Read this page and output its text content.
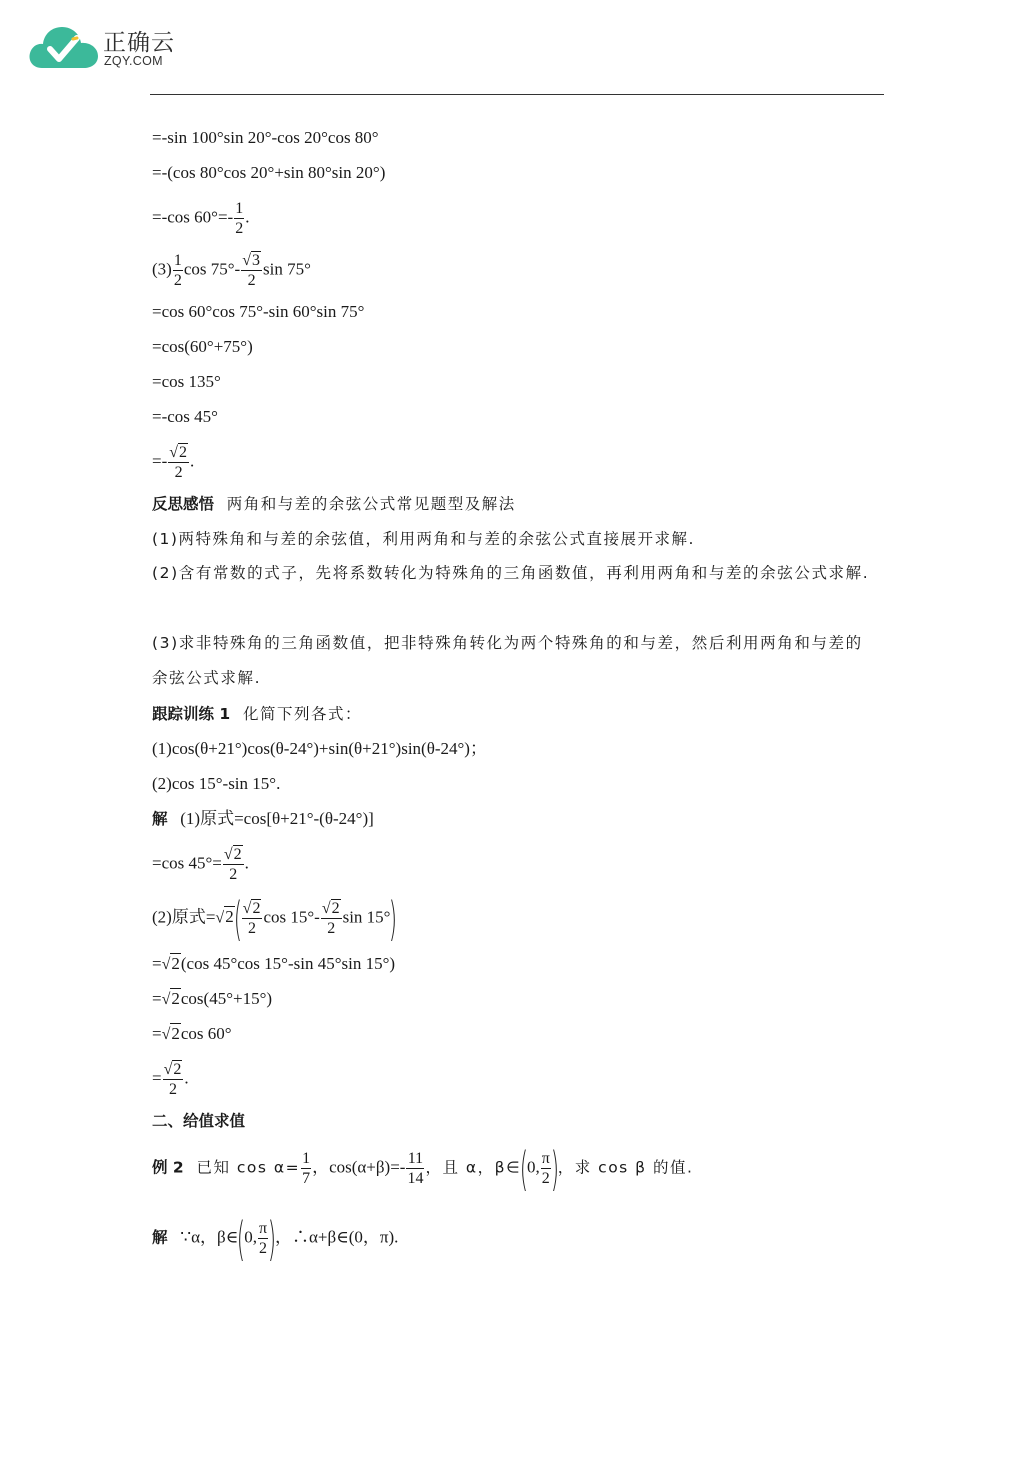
正确云
ZQY.COM
=-sin 100°sin 20°-cos 20°cos 80°
=-(cos 80°cos 20°+sin 80°sin 20°)
=-cos $60^\circ=- \frac{1}{2}$ .
$(3) \frac{1}{2}$ $\cos 75^\circ- \frac{√3}{2}$ sin 75°
=cos 60°cos 75°-sin 60°sin 75°
=cos(60°+75°)
=cos 135°
=-cos 45°
=- $\frac{√2}{2}$ .
反思感悟 两角和与差的余弦公式常见题型及解法
(1)两特殊角和与差的余弦值，利用两角和与差的余弦公式直接展开求解.
(2)含有常数的式子，先将系数转化为特殊角的三角函数值，再利用两角和与差的余弦公式求解.
(3)求非特殊角的三角函数值，把非特殊角转化为两个特殊角的和与差，然后利用两角和与差的余弦公式求解.
跟踪训练 1 化简下列各式：
(1)cos(θ+21°)cos(θ-24°)+sin(θ+21°)sin(θ-24°)；
(2)cos 15°-sin 15°.
解 (1)原式=cos[θ+21°-(θ-24°)]
=cos $45^\circ= \frac{√2}{2}$ .
(2)原式$=√2( \frac{√2}{2}$ $\cos 15^\circ- \frac{√2}{2}$ sin 15°)
=√2(cos 45°cos 15°-sin 45°sin 15°)
=√2cos(45°+15°)
=√2cos 60°
= $\frac{√2}{2}$ .
二、给值求值
例 2 已知 $\cos \alpha= \frac{1}{7}$ ，$\cos(\alpha+\beta)=- \frac{11}{14}$ ，且 α，β∈(0, $\frac{\pi}{2}$ )，求 cos β 的值.
解 ∵α，β∈(0, $\frac{\pi}{2}$ )，∴α+β∈(0，π).
